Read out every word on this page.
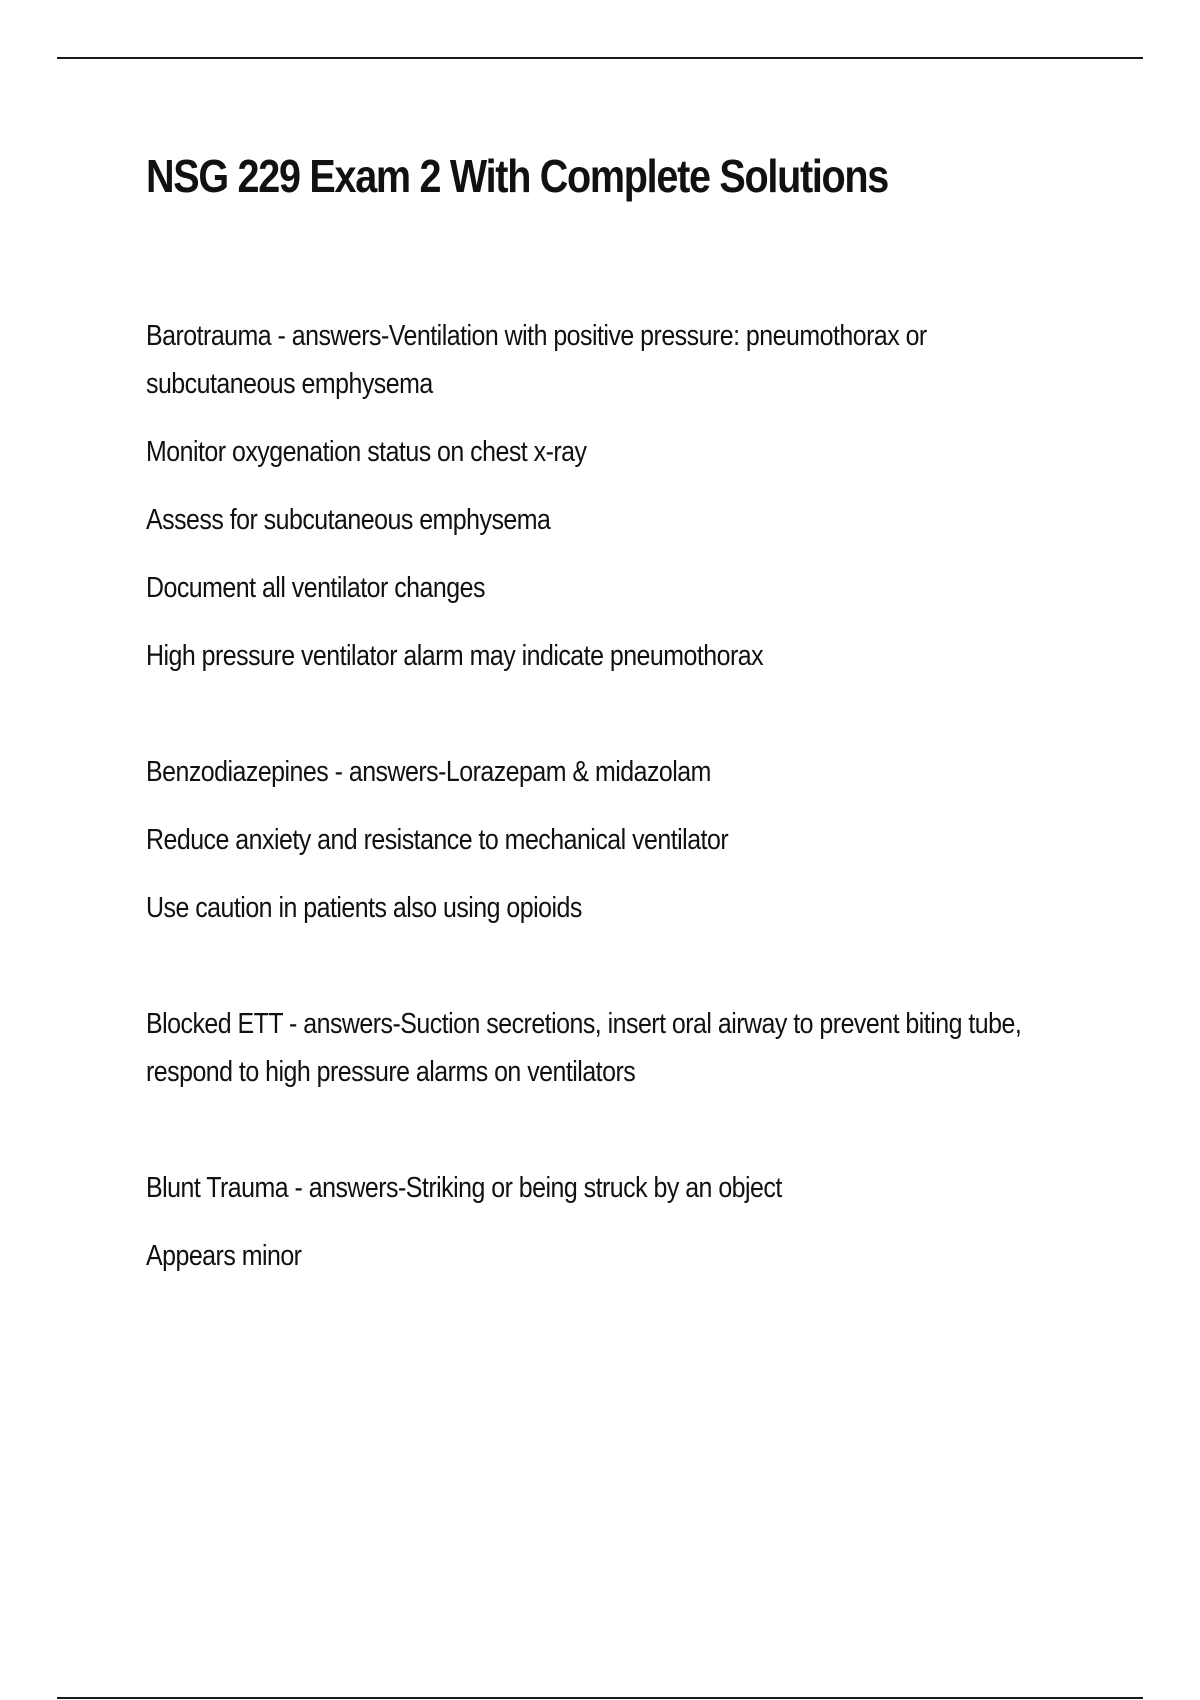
NSG 229 Exam 2 With Complete Solutions

Barotrauma - answers-Ventilation with positive pressure: pneumothorax or subcutaneous emphysema

Monitor oxygenation status on chest x-ray

Assess for subcutaneous emphysema

Document all ventilator changes

High pressure ventilator alarm may indicate pneumothorax

Benzodiazepines - answers-Lorazepam & midazolam

Reduce anxiety and resistance to mechanical ventilator

Use caution in patients also using opioids

Blocked ETT - answers-Suction secretions, insert oral airway to prevent biting tube, respond to high pressure alarms on ventilators

Blunt Trauma - answers-Striking or being struck by an object

Appears minor
